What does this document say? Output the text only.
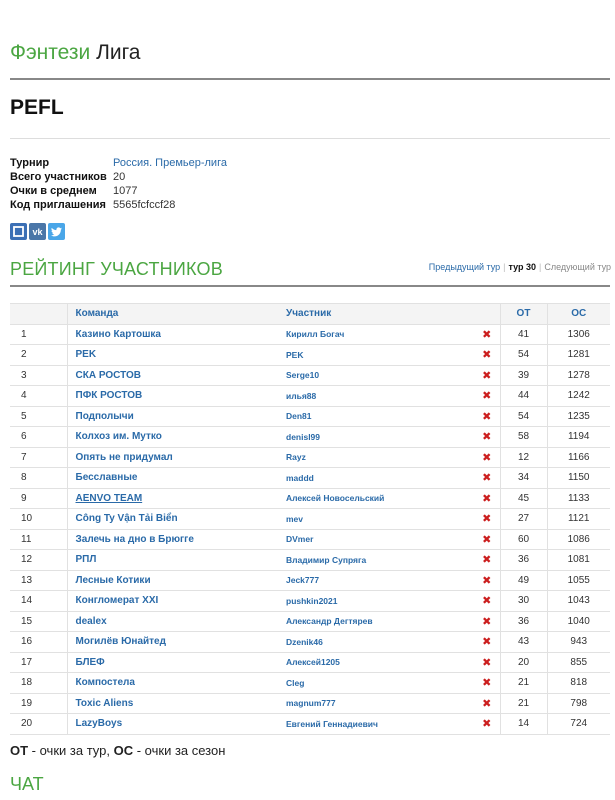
Фэнтези Лига
PEFL
Турнир	Россия. Премьер-лига
Всего участников 20
Очки в среднем	1077
Код приглашения 5565fcfccf28
vk
РЕЙТИНГ УЧАСТНИКОВ	Предыдущий тур | тур 30 | Следующий тур
	Команда	Участник		ОТ	ОС
1	Казино Картошка	Кирилл Богач	✖	41	1306
2	PEK	PEK	✖	54	1281
3	СКА РОСТОВ	Serge10	✖	39	1278
4	ПФК РОСТОВ	илья88	✖	44	1242
5	Подполычи	Den81	✖	54	1235
6	Колхоз им. Мутко	denisl99	✖	58	1194
7	Опять не придумал	Rayz	✖	12	1166
8	Бесславные	maddd	✖	34	1150
9	AENVO TEAM	Алексей Новосельский	✖	45	1133
10	Công Ty Vận Tải Biển	mev	✖	27	1121
11	Залечь на дно в Брюгге	DVmer	✖	60	1086
12	РПЛ	Владимир Супряга	✖	36	1081
13	Лесные Котики	Jeck777	✖	49	1055
14	Конгломерат XXI	pushkin2021	✖	30	1043
15	dealex	Александр Дегтярев	✖	36	1040
16	Могилёв Юнайтед	Dzenik46	✖	43	943
17	БЛЕФ	Алексей1205	✖	20	855
18	Компостела	Cleg	✖	21	818
19	Toxic Aliens	magnum777	✖	21	798
20	LazyBoys	Евгений Геннадиевич	✖	14	724
ОТ - очки за тур, ОС - очки за сезон
ЧАТ
